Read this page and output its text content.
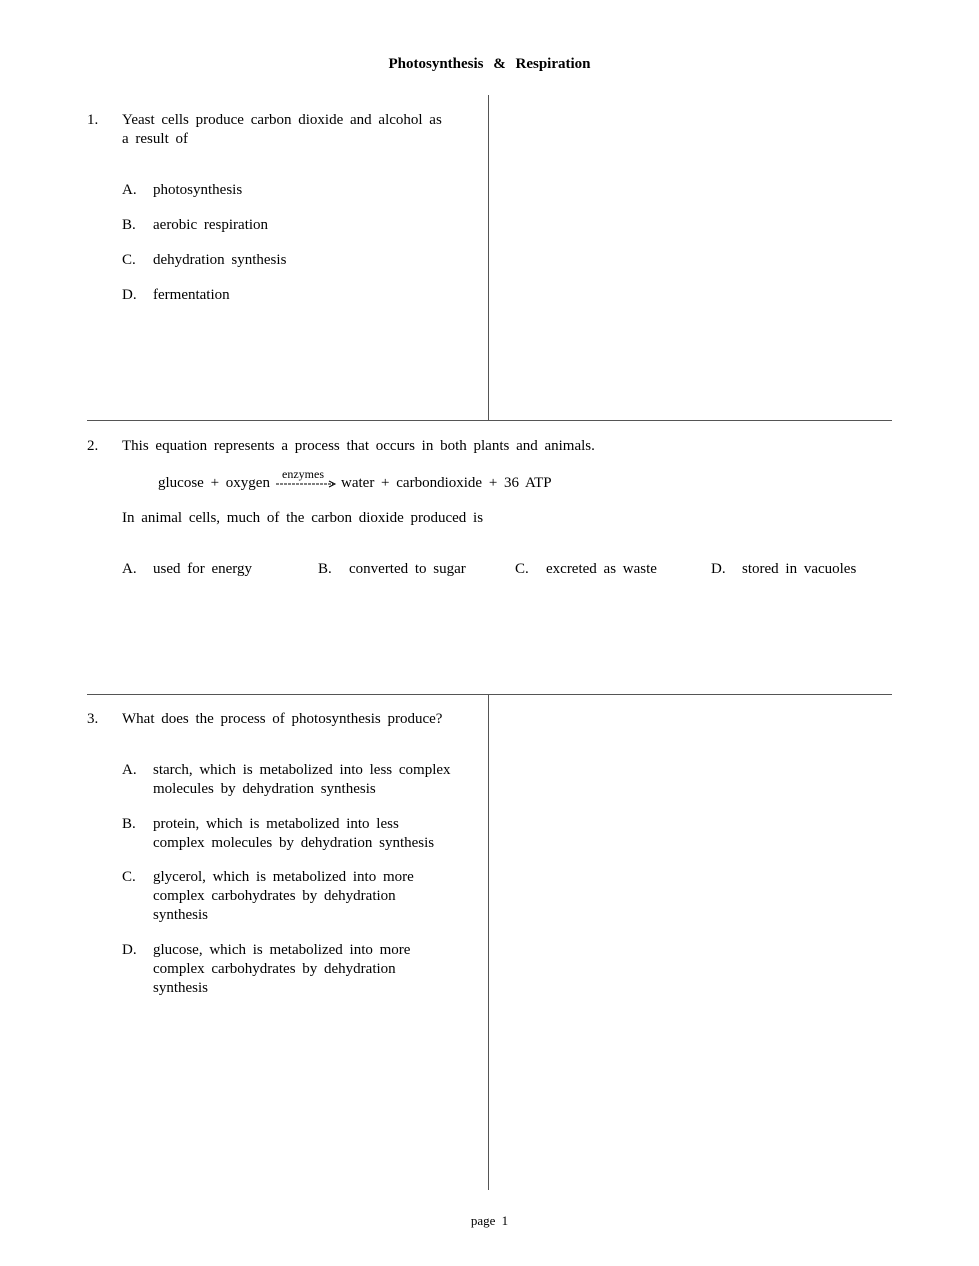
Photosynthesis & Respiration
1. Yeast cells produce carbon dioxide and alcohol as
a result of
A. photosynthesis
B. aerobic respiration
C. dehydration synthesis
D. fermentation
2. This equation represents a process that occurs in both plants and animals.
glucose + oxygen
enzymes
water + carbondioxide + 36 ATP
In animal cells, much of the carbon dioxide produced is
A. used for energy	B. converted to sugar	C. excreted as waste	D. stored in vacuoles
3. What does the process of photosynthesis produce?
A. starch, which is metabolized into less complex
molecules by dehydration synthesis
B. protein, which is metabolized into less
complex molecules by dehydration synthesis
C. glycerol, which is metabolized into more
complex carbohydrates by dehydration
synthesis
D. glucose, which is metabolized into more
complex carbohydrates by dehydration
synthesis
page 1
